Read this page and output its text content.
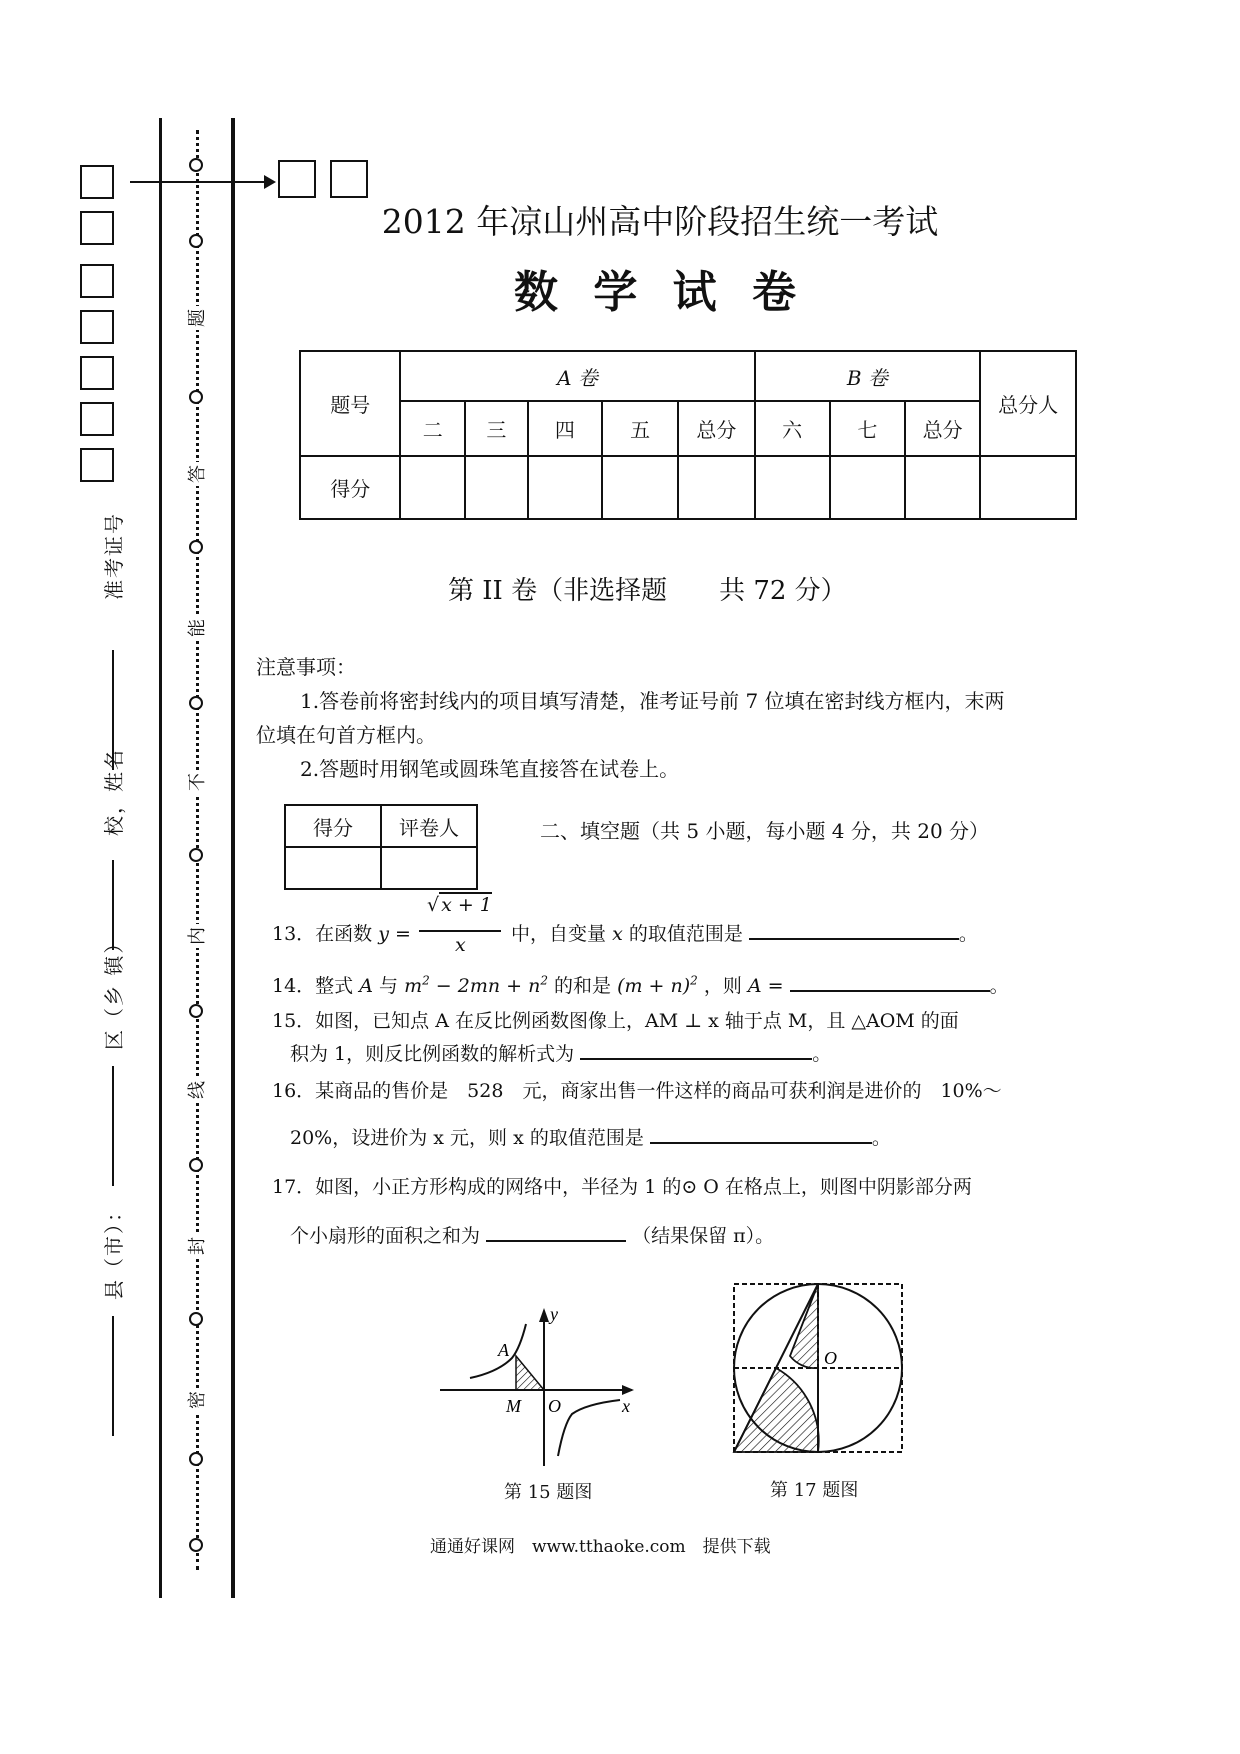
题
答
能
不
内
线
封
密
准考证号
校，姓名
区（乡 镇）
县（市）：
2012 年凉山州高中阶段招生统一考试
数 学 试 卷
题号	A 卷					B 卷			总分人
	二	三	四	五	总分	六	七	总分	
得分									
第 II 卷（非选择题　　共 72 分）
注意事项：
1.答卷前将密封线内的项目填写清楚，准考证号前 7 位填在密封线方框内，末两
位填在句首方框内。
2.答题时用钢笔或圆珠笔直接答在试卷上。
得分	评卷人
		二、填空题（共 5 小题，每小题 4 分，共 20 分）
13．在函数 $y = \frac{√ x + 1}{x}$ 中，自变量 x 的取值范围是	。
14．整式 A 与 $m^2 - 2mn + n^2$ 的和是 $(m + n)^2$ ，则 A =	。
15．如图，已知点 A 在反比例函数图像上，AM ⊥ x 轴于点 M，且 △AOM 的面
积为 1，则反比例函数的解析式为	。
16．某商品的售价是　528　元，商家出售一件这样的商品可获利润是进价的　10%～
20%，设进价为 x 元，则 x 的取值范围是	。
17．如图，小正方形构成的网络中，半径为 1 的⊙ O 在格点上，则图中阴影部分两
个小扇形的面积之和为	（结果保留 π）。
y
A
M O	x
第 15 题图
O
第 17 题图
通通好课网　www.tthaoke.com　提供下载
